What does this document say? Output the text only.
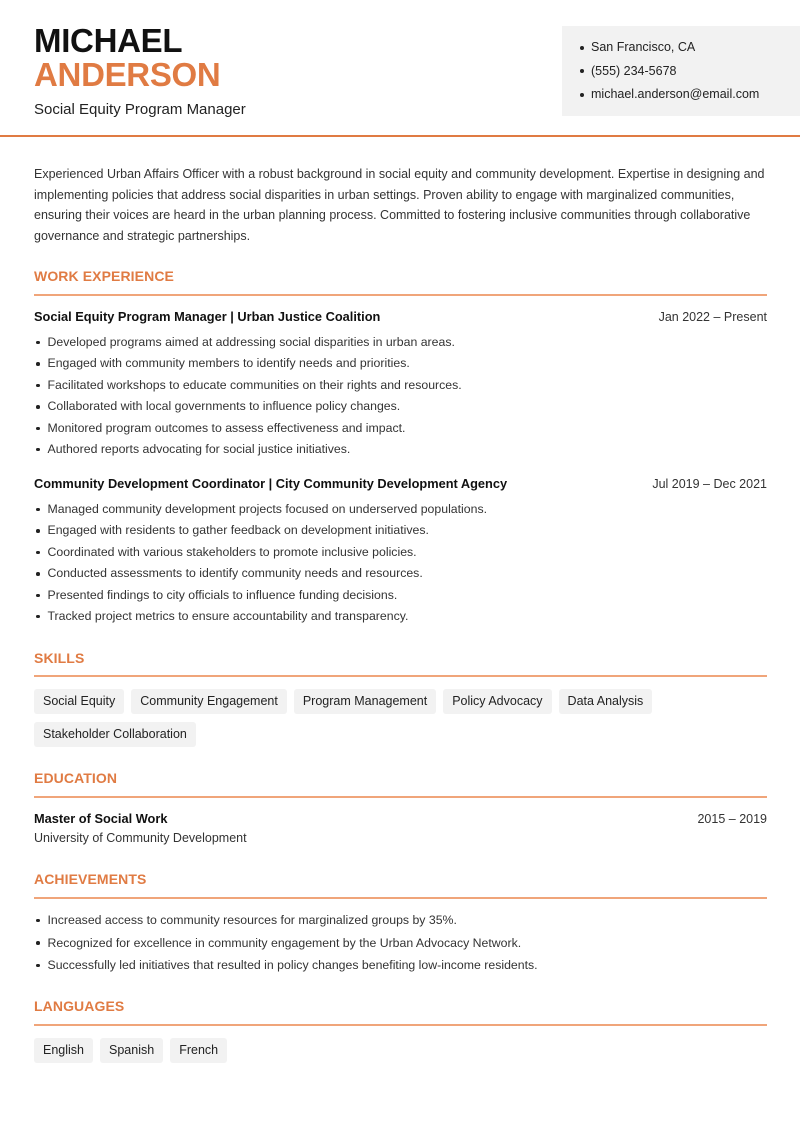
MICHAEL
ANDERSON
Social Equity Program Manager
San Francisco, CA
(555) 234-5678
michael.anderson@email.com

Experienced Urban Affairs Officer with a robust background in social equity and community development. Expertise in designing and implementing policies that address social disparities in urban settings. Proven ability to engage with marginalized communities, ensuring their voices are heard in the urban planning process. Committed to fostering inclusive communities through collaborative governance and strategic partnerships.

WORK EXPERIENCE
Social Equity Program Manager | Urban Justice Coalition	Jan 2022 – Present
Developed programs aimed at addressing social disparities in urban areas.
Engaged with community members to identify needs and priorities.
Facilitated workshops to educate communities on their rights and resources.
Collaborated with local governments to influence policy changes.
Monitored program outcomes to assess effectiveness and impact.
Authored reports advocating for social justice initiatives.
Community Development Coordinator | City Community Development Agency	Jul 2019 – Dec 2021
Managed community development projects focused on underserved populations.
Engaged with residents to gather feedback on development initiatives.
Coordinated with various stakeholders to promote inclusive policies.
Conducted assessments to identify community needs and resources.
Presented findings to city officials to influence funding decisions.
Tracked project metrics to ensure accountability and transparency.
SKILLS
Social Equity	Community Engagement	Program Management	Policy Advocacy	Data Analysis
Stakeholder Collaboration
EDUCATION
Master of Social Work	2015 – 2019
University of Community Development
ACHIEVEMENTS
Increased access to community resources for marginalized groups by 35%.
Recognized for excellence in community engagement by the Urban Advocacy Network.
Successfully led initiatives that resulted in policy changes benefiting low-income residents.
LANGUAGES
English	Spanish	French
